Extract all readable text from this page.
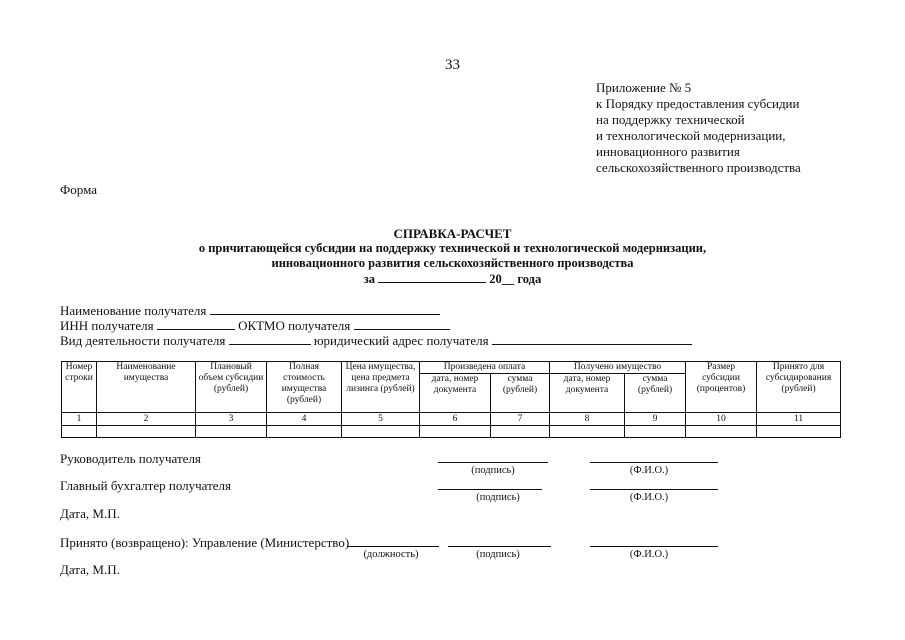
33
Приложение № 5
к Порядку предоставления субсидии
на поддержку технической
и технологической модернизации,
инновационного развития
сельскохозяйственного производства
Форма
СПРАВКА-РАСЧЕТ
о причитающейся субсидии на поддержку технической и технологической модернизации,
инновационного развития сельскохозяйственного производства
за	20__ года
Наименование получателя
ИНН получателя	ОКТМО получателя
Вид деятельности получателя	юридический адрес получателя
Номер строки	Наименование имущества	Плановый объем субсидии (рублей)	Полная стоимость имущества (рублей)	Цена имущества, цена предмета лизинга (рублей)	Произведена оплата		Получено имущество		Размер субсидии (процентов)	Принято для субсидирования (рублей)
					дата, номер документа	сумма (рублей)	дата, номер документа	сумма (рублей)		
1	2	3	4	5	6	7	8	9	10	11

Руководитель получателя
(подпись)	(Ф.И.О.)
Главный бухгалтер получателя
(подпись)	(Ф.И.О.)
Дата, М.П.
Принято (возвращено): Управление (Министерство)
(должность)	(подпись)	(Ф.И.О.)
Дата, М.П.
